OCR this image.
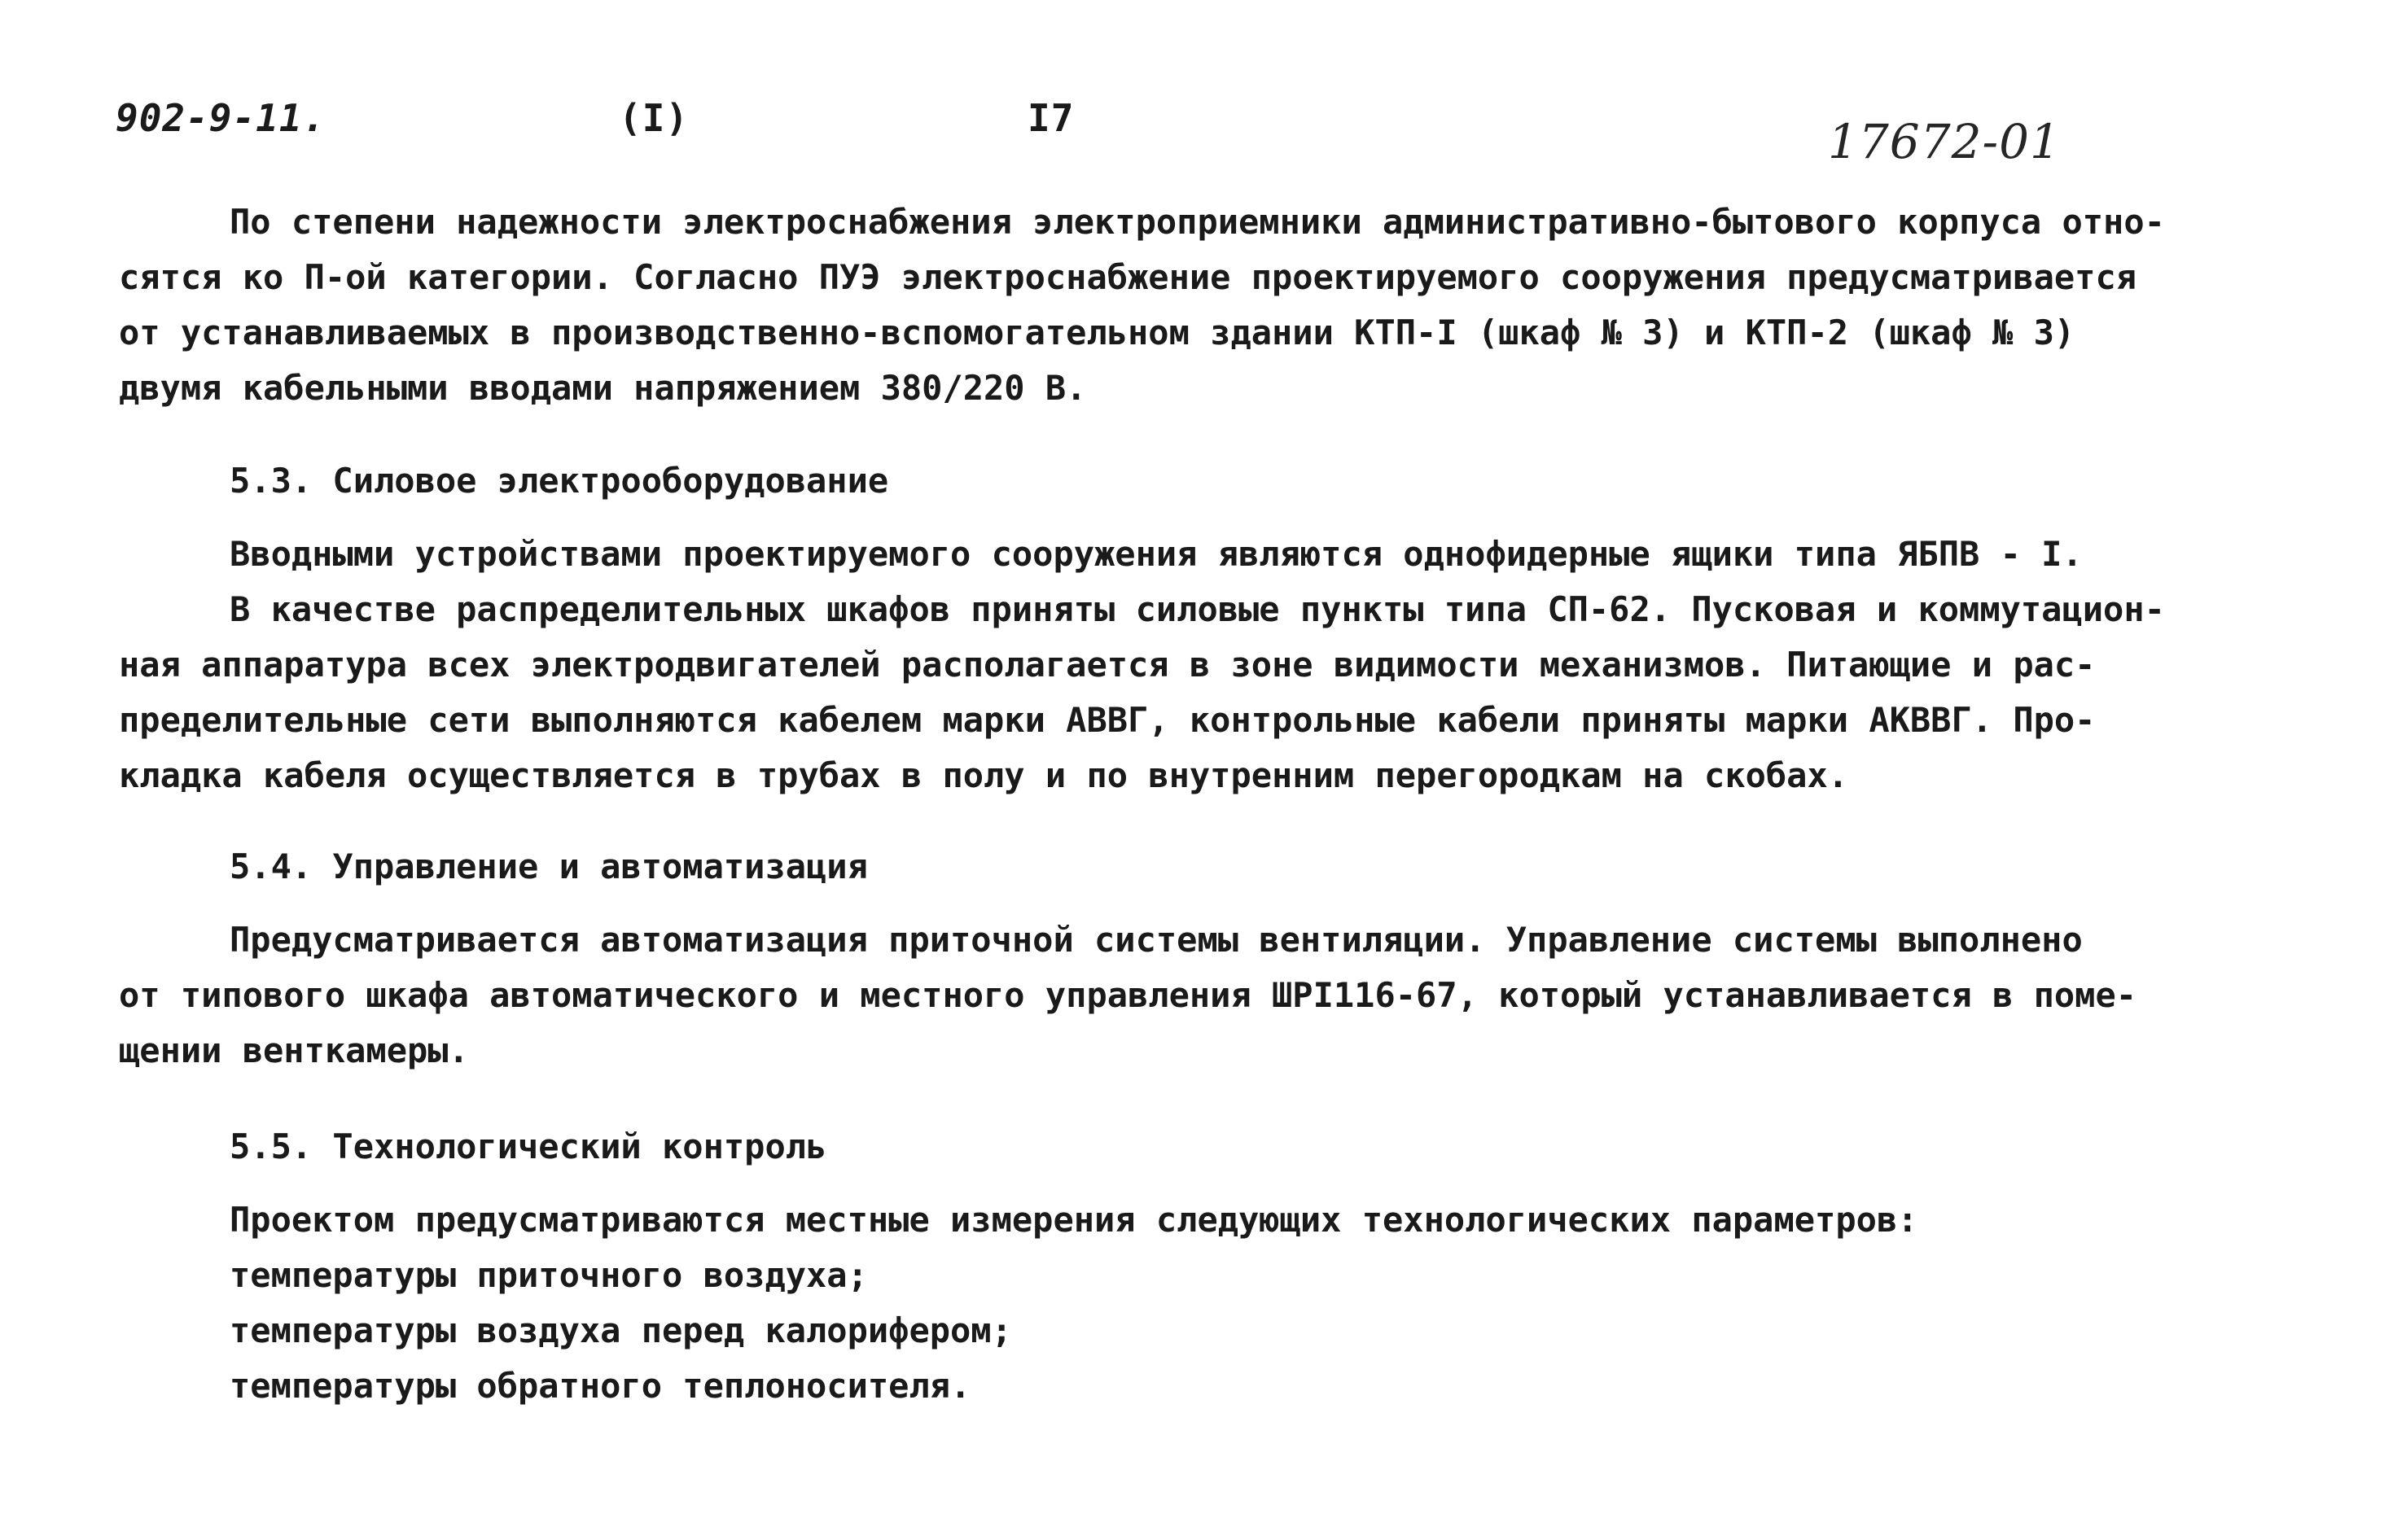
902-9-11.	(I)	I7	17672-01
По степени надежности электроснабжения электроприемники административно-бытового корпуса отно-
сятся ко П-ой категории. Согласно ПУЭ электроснабжение проектируемого сооружения предусматривается
от устанавливаемых в производственно-вспомогательном здании КТП-I (шкаф № 3) и КТП-2 (шкаф № 3)
двумя кабельными вводами напряжением 380/220 В.
5.3. Силовое электрооборудование
Вводными устройствами проектируемого сооружения являются однофидерные ящики типа ЯБПВ - I.
В качестве распределительных шкафов приняты силовые пункты типа СП-62. Пусковая и коммутацион-
ная аппаратура всех электродвигателей располагается в зоне видимости механизмов. Питающие и рас-
пределительные сети выполняются кабелем марки АВВГ, контрольные кабели приняты марки АКВВГ. Про-
кладка кабеля осуществляется в трубах в полу и по внутренним перегородкам на скобах.
5.4. Управление и автоматизация
Предусматривается автоматизация приточной системы вентиляции. Управление системы выполнено
от типового шкафа автоматического и местного управления ШРI116-67, который устанавливается в поме-
щении венткамеры.
5.5. Технологический контроль
Проектом предусматриваются местные измерения следующих технологических параметров:
температуры приточного воздуха;
температуры воздуха перед калорифером;
температуры обратного теплоносителя.
